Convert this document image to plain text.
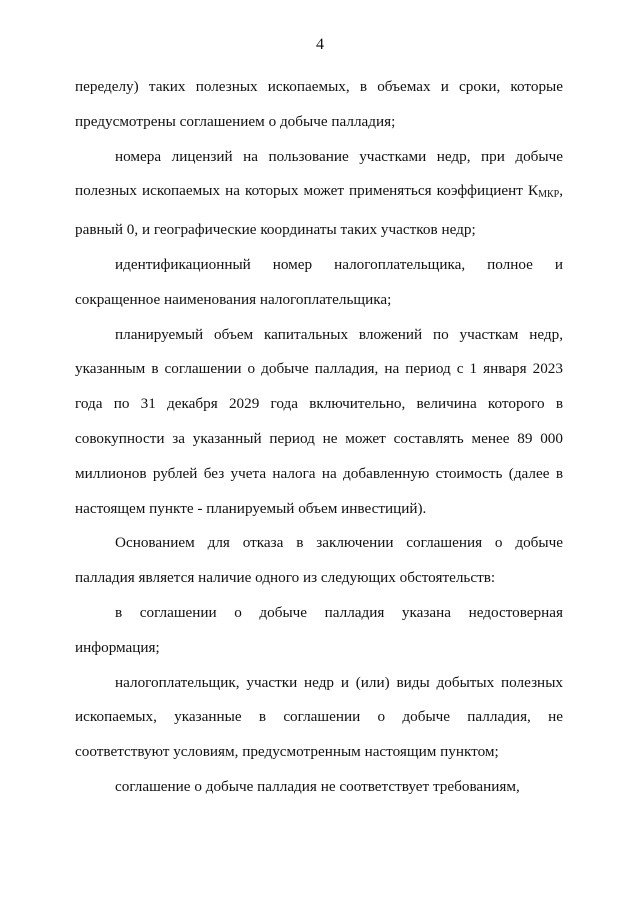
4

переделу) таких полезных ископаемых, в объемах и сроки, которые предусмотрены соглашением о добыче палладия;

номера лицензий на пользование участками недр, при добыче полезных ископаемых на которых может применяться коэффициент $К_{МКР}$, равный 0, и географические координаты таких участков недр;

идентификационный номер налогоплательщика, полное и сокращенное наименования налогоплательщика;

планируемый объем капитальных вложений по участкам недр, указанным в соглашении о добыче палладия, на период с 1 января 2023 года по 31 декабря 2029 года включительно, величина которого в совокупности за указанный период не может составлять менее 89 000 миллионов рублей без учета налога на добавленную стоимость (далее в настоящем пункте - планируемый объем инвестиций).

Основанием для отказа в заключении соглашения о добыче палладия является наличие одного из следующих обстоятельств:

в соглашении о добыче палладия указана недостоверная информация;

налогоплательщик, участки недр и (или) виды добытых полезных ископаемых, указанные в соглашении о добыче палладия, не соответствуют условиям, предусмотренным настоящим пунктом;

соглашение о добыче палладия не соответствует требованиям,
